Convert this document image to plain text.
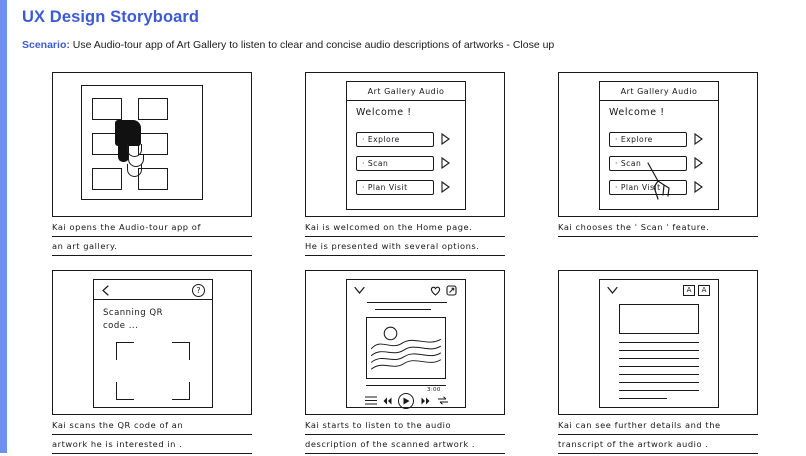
UX Design Storyboard
Scenario: Use Audio-tour app of Art Gallery to listen to clear and concise audio descriptions of artworks - Close up
Kai opens the Audio-tour app of
an art gallery.
Art Gallery Audio
Welcome !
· Explore
· Scan
· Plan Visit
Kai is welcomed on the Home page.
He is presented with several options.
Art Gallery Audio
Welcome !
· Explore
· Scan
· Plan Visit
Kai chooses the ˈ Scan ˈ feature.
?
Scanning QR
code ...
Kai scans the QR code of an
artwork he is interested in .
3:00
Kai starts to listen to the audio
description of the scanned artwork .
A	A
Kai can see further details and the
transcript of the artwork audio .
